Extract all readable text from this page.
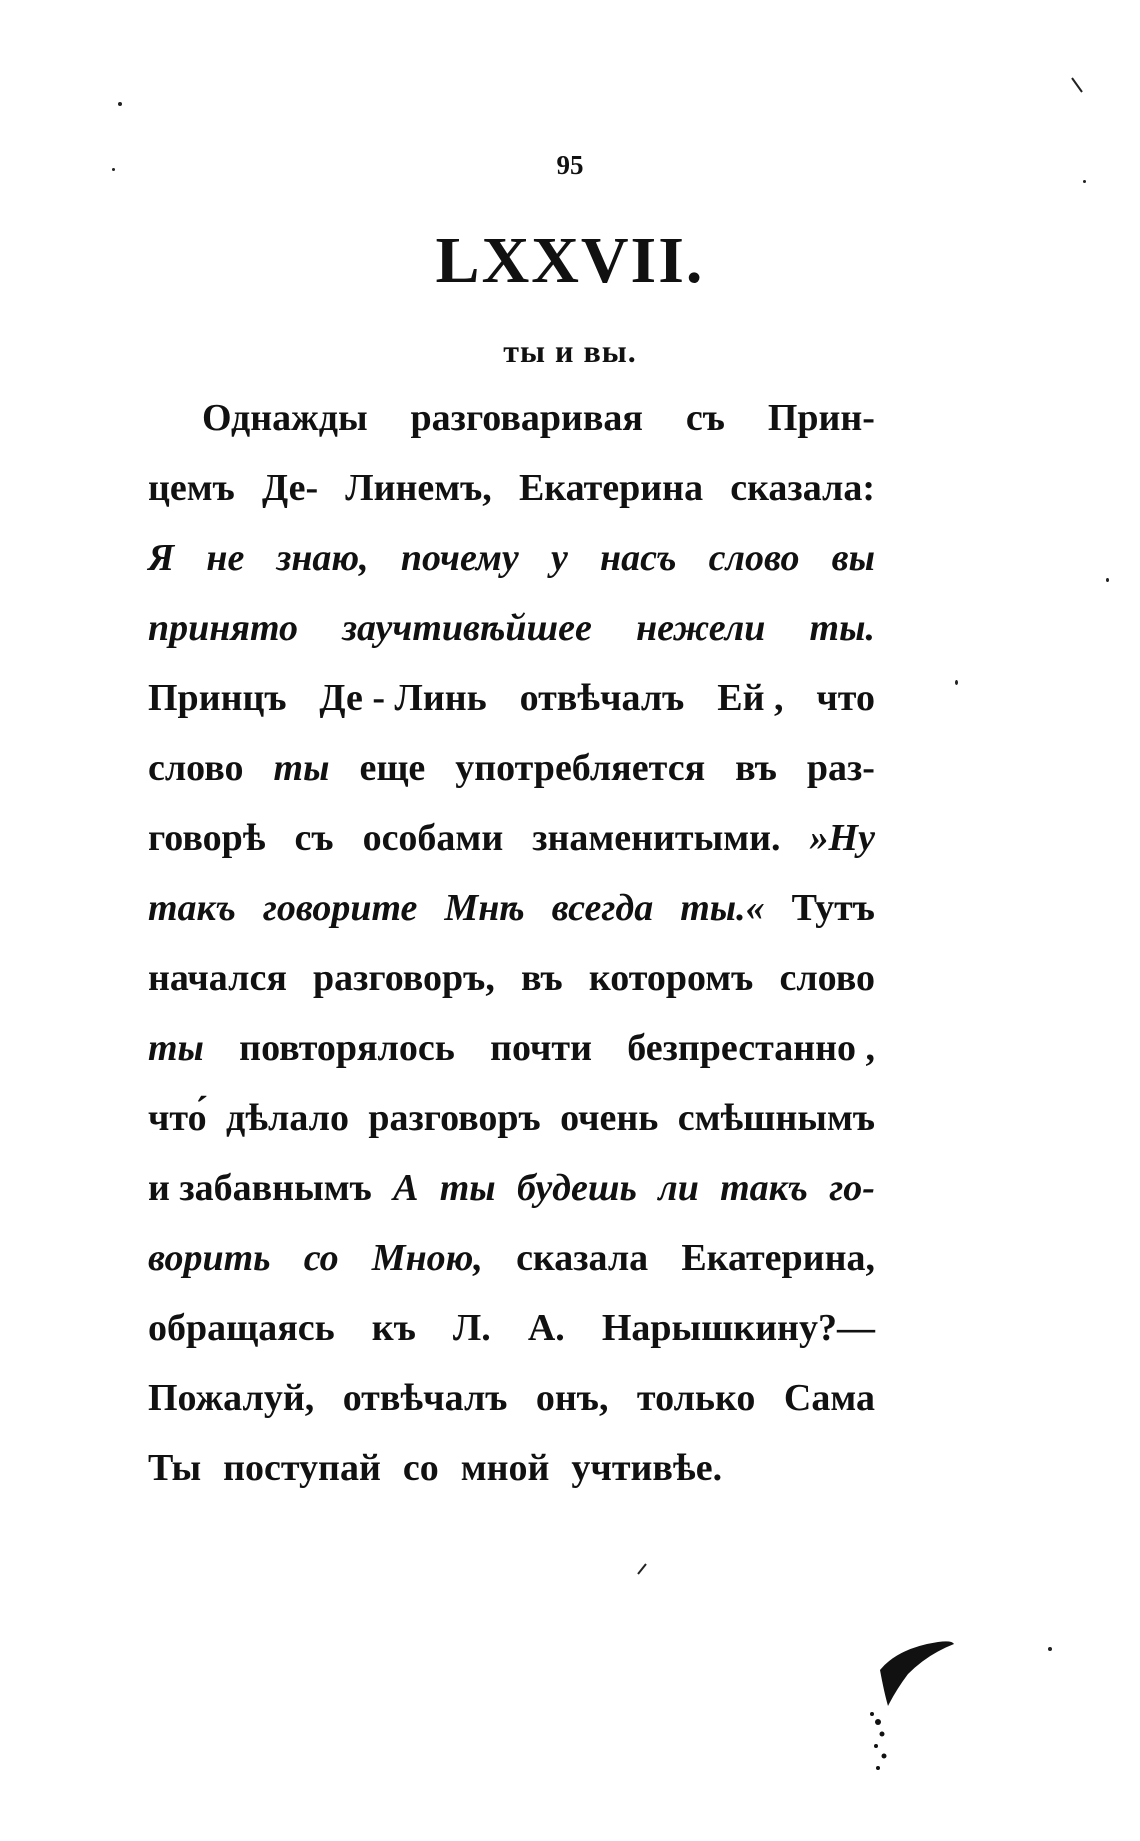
95
LXXVII.
ты и вы.
Однажды разговаривая съ Прин-
цемъ Де- Линемъ, Екатерина сказала:
Я не знаю, почему у насъ слово вы
принято заучтивѣйшее нежели ты.
Принцъ Де - Линь отвѣчалъ Ей , что
слово ты еще употребляется въ раз-
говорѣ съ особами знаменитыми. »Ну
такъ говорите Мнѣ всегда ты.« Тутъ
начался разговоръ, въ которомъ слово
ты повторялось почти безпрестанно ,
что́ дѣлало разговоръ очень смѣшнымъ
и забавнымъ А ты будешь ли такъ го-
ворить со Мною, сказала Екатерина,
обращаясь къ Л. А. Нарышкину?—
Пожалуй, отвѣчалъ онъ, только Сама
Ты поступай со мной учтивѣе.
